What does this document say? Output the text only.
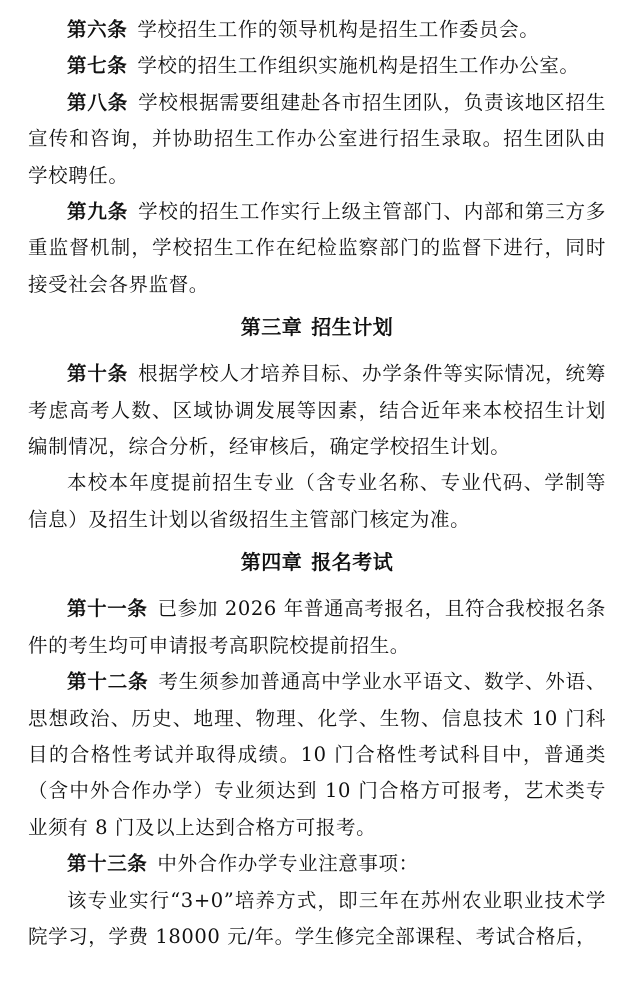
第六条 学校招生工作的领导机构是招生工作委员会。

第七条 学校的招生工作组织实施机构是招生工作办公室。

第八条 学校根据需要组建赴各市招生团队，负责该地区招生宣传和咨询，并协助招生工作办公室进行招生录取。招生团队由学校聘任。

第九条 学校的招生工作实行上级主管部门、内部和第三方多重监督机制，学校招生工作在纪检监察部门的监督下进行，同时接受社会各界监督。

第三章 招生计划

第十条 根据学校人才培养目标、办学条件等实际情况，统筹考虑高考人数、区域协调发展等因素，结合近年来本校招生计划编制情况，综合分析，经审核后，确定学校招生计划。

本校本年度提前招生专业（含专业名称、专业代码、学制等信息）及招生计划以省级招生主管部门核定为准。

第四章 报名考试

第十一条 已参加 2026 年普通高考报名，且符合我校报名条件的考生均可申请报考高职院校提前招生。

第十二条 考生须参加普通高中学业水平语文、数学、外语、思想政治、历史、地理、物理、化学、生物、信息技术 10 门科目的合格性考试并取得成绩。10 门合格性考试科目中，普通类（含中外合作办学）专业须达到 10 门合格方可报考，艺术类专业须有 8 门及以上达到合格方可报考。

第十三条 中外合作办学专业注意事项：

该专业实行“3+0”培养方式，即三年在苏州农业职业技术学院学习，学费 18000 元/年。学生修完全部课程、考试合格后，
